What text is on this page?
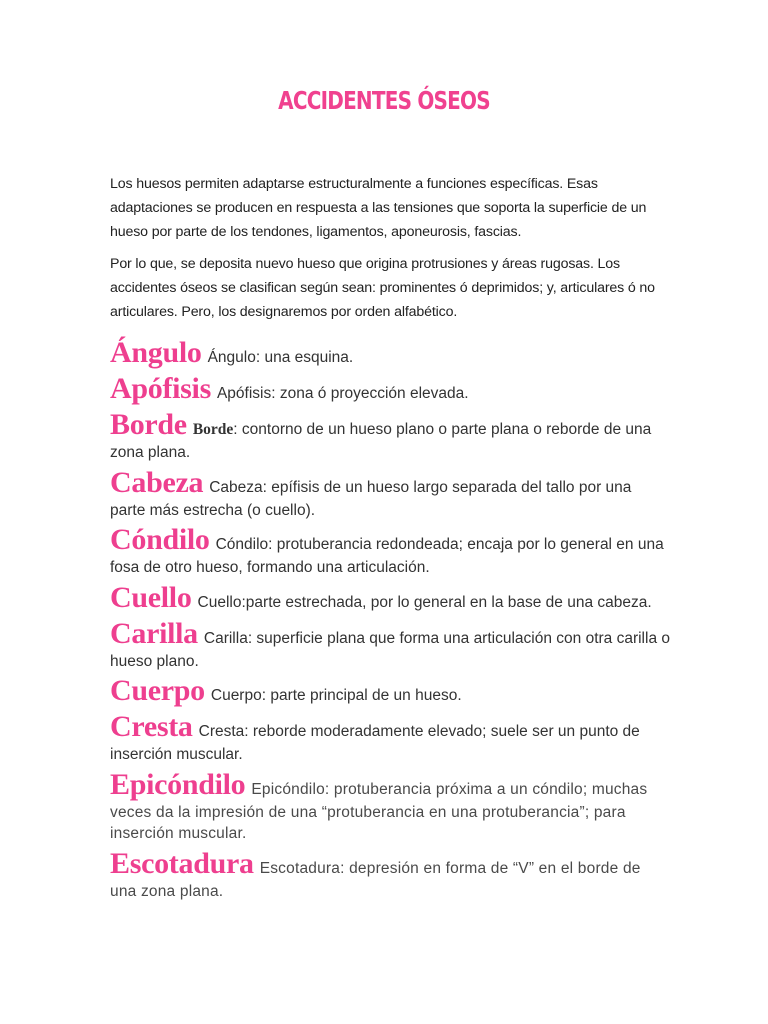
ACCIDENTES ÓSEOS
Los huesos permiten adaptarse estructuralmente a funciones específicas. Esas adaptaciones se producen en respuesta a las tensiones que soporta la superficie de un hueso por parte de los tendones, ligamentos, aponeurosis, fascias.
Por lo que, se deposita nuevo hueso que origina protrusiones y áreas rugosas. Los accidentes óseos se clasifican según sean: prominentes ó deprimidos; y, articulares ó no articulares. Pero, los designaremos por orden alfabético.
Ángulo Ángulo: una esquina.
Apófisis Apófisis: zona ó proyección elevada.
Borde Borde: contorno de un hueso plano o parte plana o reborde de una zona plana.
Cabeza Cabeza: epífisis de un hueso largo separada del tallo por una parte más estrecha (o cuello).
Cóndilo Cóndilo: protuberancia redondeada; encaja por lo general en una fosa de otro hueso, formando una articulación.
Cuello Cuello:parte estrechada, por lo general en la base de una cabeza.
Carilla Carilla: superficie plana que forma una articulación con otra carilla o hueso plano.
Cuerpo Cuerpo: parte principal de un hueso.
Cresta Cresta: reborde moderadamente elevado; suele ser un punto de inserción muscular.
Epicóndilo Epicóndilo: protuberancia próxima a un cóndilo; muchas veces da la impresión de una “protuberancia en una protuberancia”; para inserción muscular.
Escotadura Escotadura: depresión en forma de “V” en el borde de una zona plana.
